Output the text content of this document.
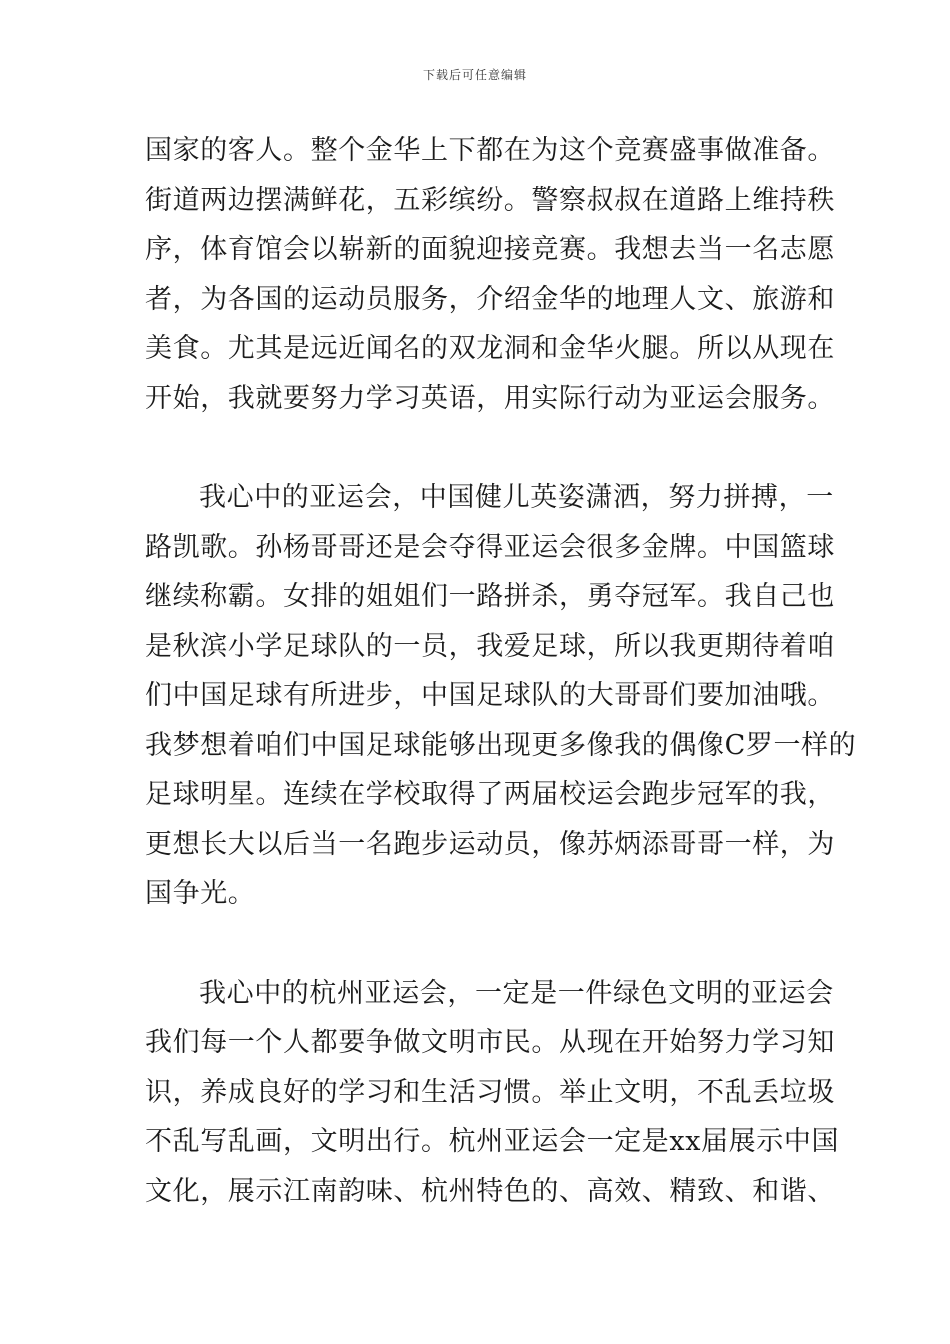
下载后可任意编辑
国家的客人。整个金华上下都在为这个竞赛盛事做准备。
街道两边摆满鲜花，五彩缤纷。警察叔叔在道路上维持秩
序，体育馆会以崭新的面貌迎接竞赛。我想去当一名志愿
者，为各国的运动员服务，介绍金华的地理人文、旅游和
美食。尤其是远近闻名的双龙洞和金华火腿。所以从现在
开始，我就要努力学习英语，用实际行动为亚运会服务。
我心中的亚运会，中国健儿英姿潇洒，努力拼搏，一
路凯歌。孙杨哥哥还是会夺得亚运会很多金牌。中国篮球
继续称霸。女排的姐姐们一路拼杀，勇夺冠军。我自己也
是秋滨小学足球队的一员，我爱足球，所以我更期待着咱
们中国足球有所进步，中国足球队的大哥哥们要加油哦。
我梦想着咱们中国足球能够出现更多像我的偶像C罗一样的
足球明星。连续在学校取得了两届校运会跑步冠军的我，
更想长大以后当一名跑步运动员，像苏炳添哥哥一样，为
国争光。
我心中的杭州亚运会，一定是一件绿色文明的亚运会
我们每一个人都要争做文明市民。从现在开始努力学习知
识，养成良好的学习和生活习惯。举止文明，不乱丢垃圾
不乱写乱画，文明出行。杭州亚运会一定是xx届展示中国
文化，展示江南韵味、杭州特色的、高效、精致、和谐、
